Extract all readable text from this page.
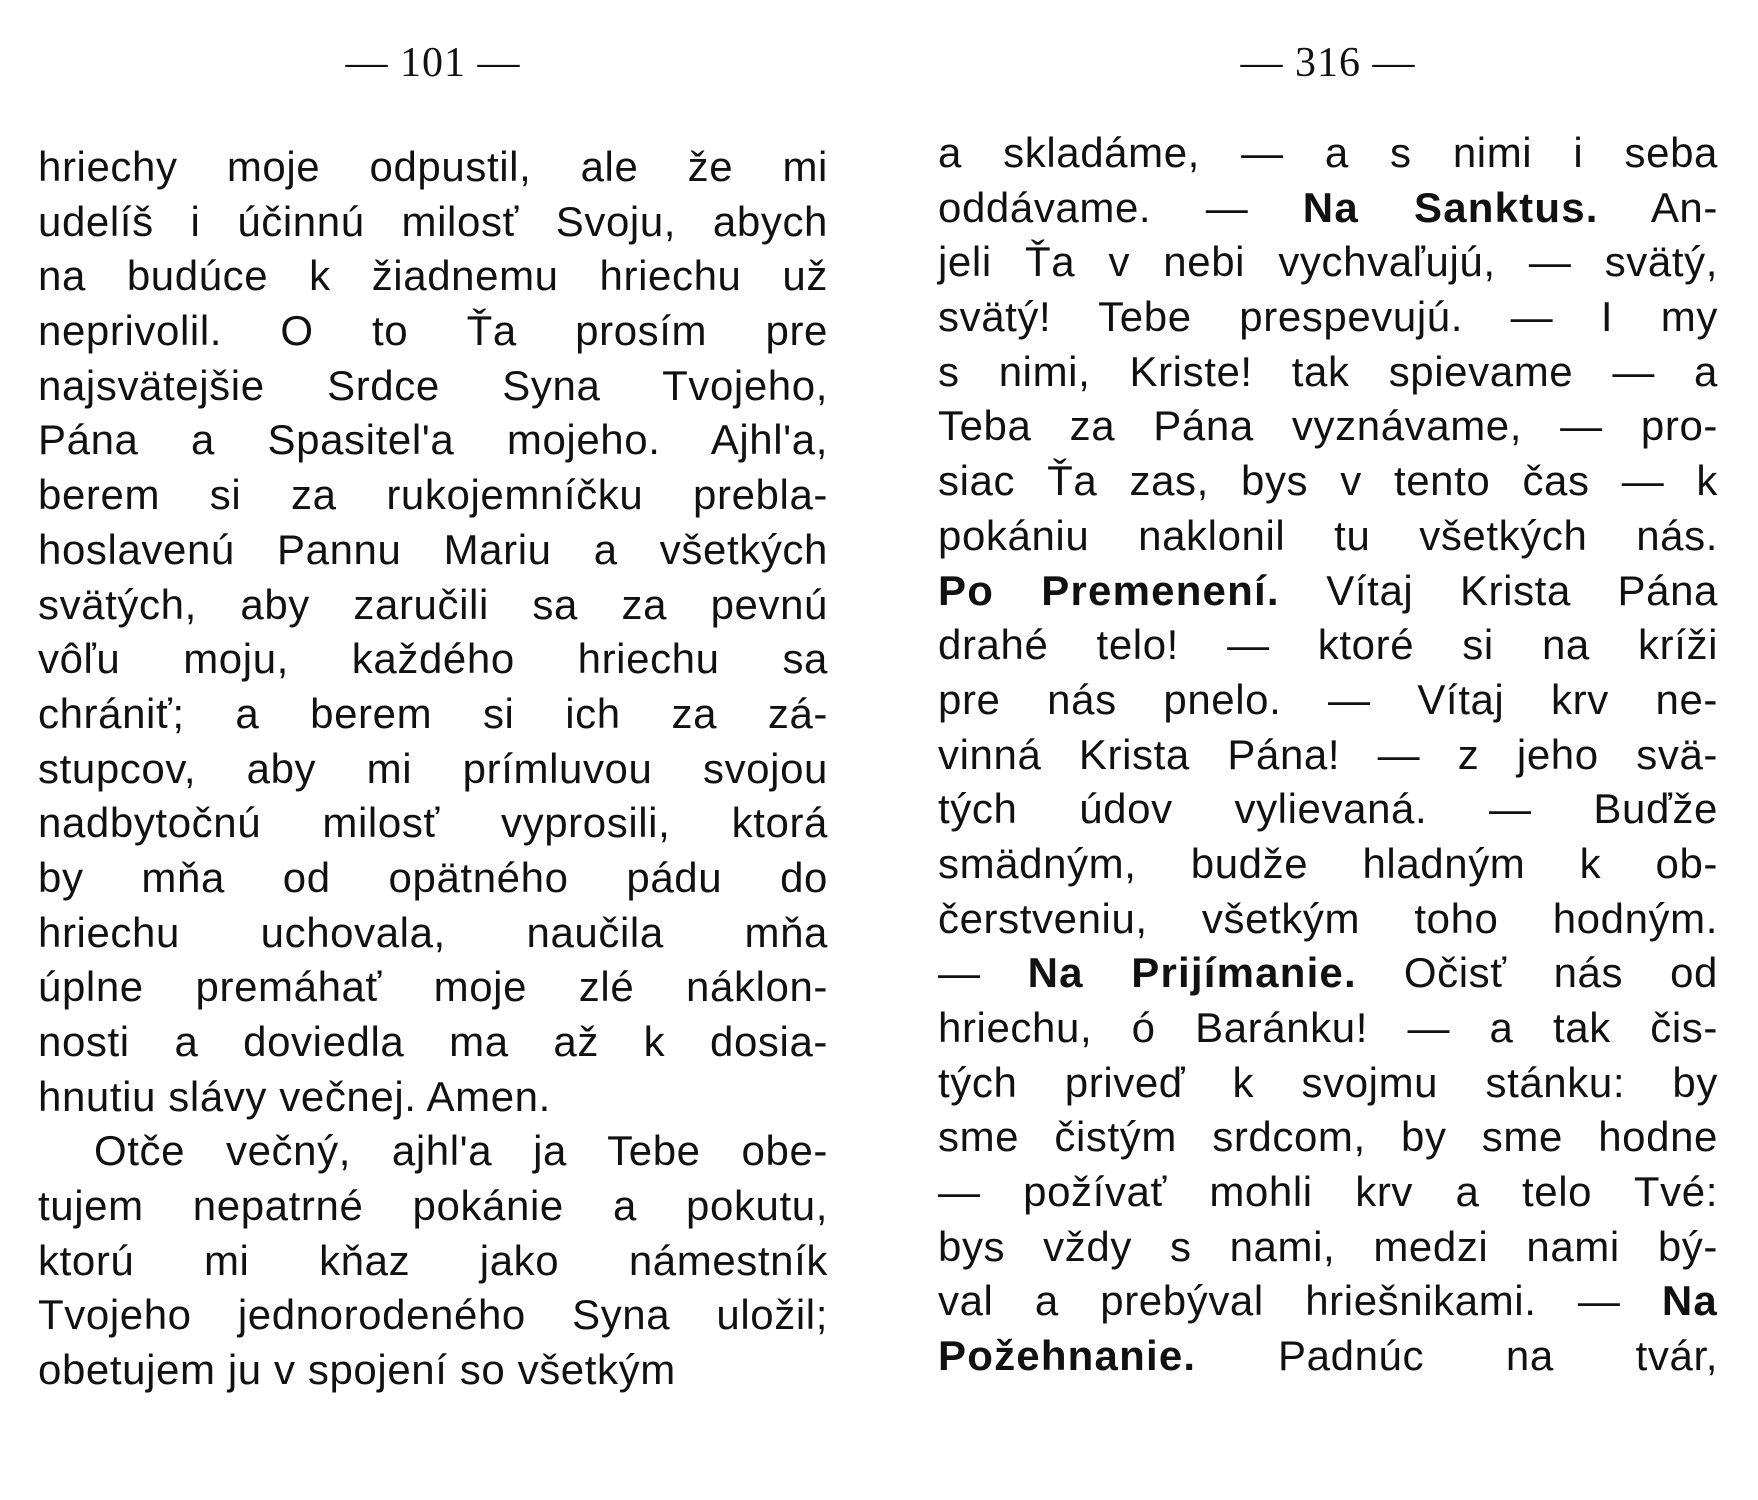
— 101 —
hriechy moje odpustil, ale že mi
udelíš i účinnú milosť Svoju, abych
na budúce k žiadnemu hriechu už
neprivolil. O to Ťa prosím pre
najsvätejšie Srdce Syna Tvojeho,
Pána a Spasitel'a mojeho. Ajhl'a,
berem si za rukojemníčku prebla-
hoslavenú Pannu Mariu a všetkých
svätých, aby zaručili sa za pevnú
vôľu moju, každého hriechu sa
chrániť; a berem si ich za zá-
stupcov, aby mi prímluvou svojou
nadbytočnú milosť vyprosili, ktorá
by mňa od opätného pádu do
hriechu uchovala, naučila mňa
úplne premáhať moje zlé náklon-
nosti a doviedla ma až k dosia-
hnutiu slávy večnej. Amen.
Otče večný, ajhl'a ja Tebe obe-
tujem nepatrné pokánie a pokutu,
ktorú mi kňaz jako námestník
Tvojeho jednorodeného Syna uložil;
obetujem ju v spojení so všetkým
— 316 —
a skladáme, — a s nimi i seba
oddávame. — Na Sanktus. An-
jeli Ťa v nebi vychvaľujú, — svätý,
svätý! Tebe prespevujú. — I my
s nimi, Kriste! tak spievame — a
Teba za Pána vyznávame, — pro-
siac Ťa zas, bys v tento čas — k
pokániu naklonil tu všetkých nás.
Po Premenení. Vítaj Krista Pána
drahé telo! — ktoré si na kríži
pre nás pnelo. — Vítaj krv ne-
vinná Krista Pána! — z jeho svä-
tých údov vylievaná. — Buďže
smädným, budže hladným k ob-
čerstveniu, všetkým toho hodným.
— Na Prijímanie. Očisť nás od
hriechu, ó Baránku! — a tak čis-
tých priveď k svojmu stánku: by
sme čistým srdcom, by sme hodne
— požívať mohli krv a telo Tvé:
bys vždy s nami, medzi nami bý-
val a prebýval hriešnikami. — Na
Požehnanie. Padnúc na tvár,
